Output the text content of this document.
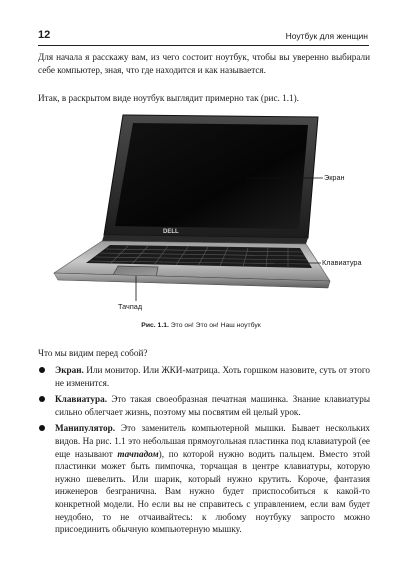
12	Ноутбук для женщин

Для начала я расскажу вам, из чего состоит ноутбук, чтобы вы уверенно выбирали себе компьютер, зная, что где находится и как называется.

Итак, в раскрытом виде ноутбук выглядит примерно так (рис. 1.1).

DELL
Экран
Клавиатура
Тачпад
Рис. 1.1. Это он! Это он! Наш ноутбук

Что мы видим перед собой?

Экран. Или монитор. Или ЖКИ-матрица. Хоть горшком назовите, суть от этого не изменится.
Клавиатура. Это такая своеобразная печатная машинка. Знание клавиатуры сильно облегчает жизнь, поэтому мы посвятим ей целый урок.
Манипулятор. Это заменитель компьютерной мышки. Бывает нескольких видов. На рис. 1.1 это небольшая прямоугольная пластинка под клавиатурой (ее еще называют тачпадом), по которой нужно водить пальцем. Вместо этой пластинки может быть пимпочка, торчащая в центре клавиатуры, которую нужно шевелить. Или шарик, который нужно крутить. Короче, фантазия инженеров безгранична. Вам нужно будет приспособиться к какой-то конкретной модели. Но если вы не справитесь с управлением, если вам будет неудобно, то не отчаивайтесь: к любому ноутбуку запросто можно присоединить обычную компьютерную мышку.
